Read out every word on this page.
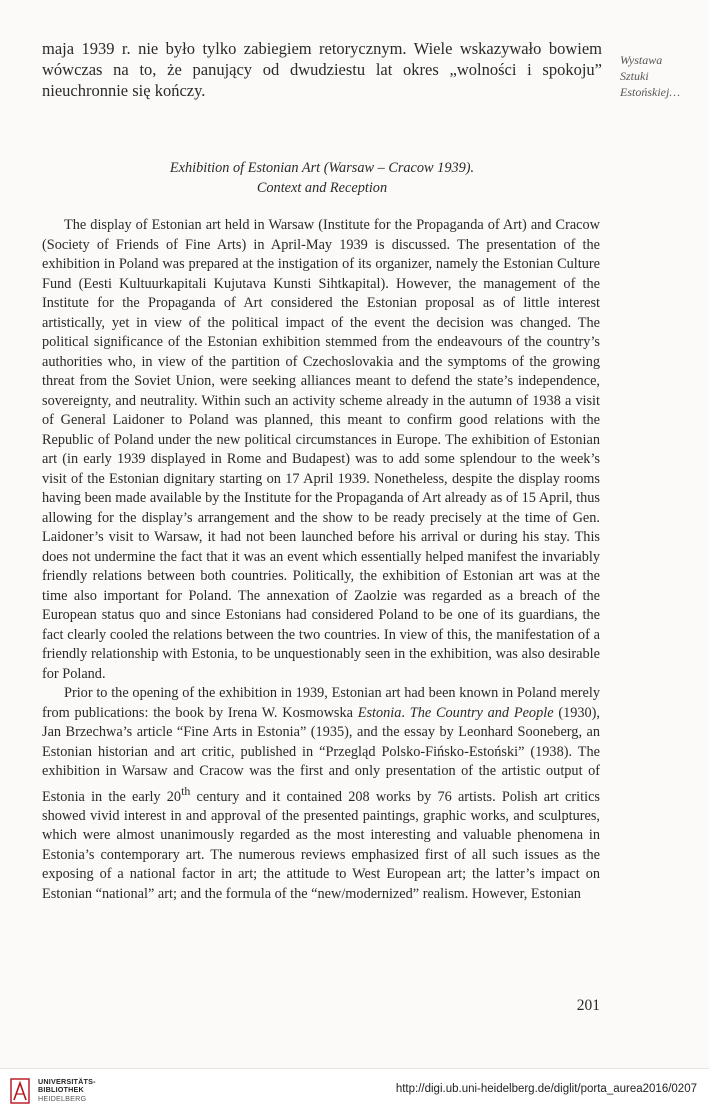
maja 1939 r. nie było tylko zabiegiem retorycznym. Wiele wskazywało bowiem wówczas na to, że panujący od dwudziestu lat okres „wolności i spokoju” nieuchronnie się kończy.

Wystawa
Sztuki
Estońskiej…
Exhibition of Estonian Art (Warsaw – Cracow 1939).
Context and Reception

The display of Estonian art held in Warsaw (Institute for the Propaganda of Art) and Cracow (Society of Friends of Fine Arts) in April-May 1939 is discussed. The presentation of the exhibition in Poland was prepared at the instigation of its organizer, namely the Estonian Culture Fund (Eesti Kultuurkapitali Kujutava Kunsti Sihtkapital). However, the management of the Institute for the Propaganda of Art considered the Estonian proposal as of little interest artistically, yet in view of the political impact of the event the decision was changed. The political significance of the Estonian exhibition stemmed from the endeavours of the country’s authorities who, in view of the partition of Czechoslovakia and the symptoms of the growing threat from the Soviet Union, were seeking alliances meant to defend the state’s independence, sovereignty, and neutrality. Within such an activity scheme already in the autumn of 1938 a visit of General Laidoner to Poland was planned, this meant to confirm good relations with the Republic of Poland under the new political circumstances in Europe. The exhibition of Estonian art (in early 1939 displayed in Rome and Budapest) was to add some splendour to the week’s visit of the Estonian dignitary starting on 17 April 1939. Nonetheless, despite the display rooms having been made available by the Institute for the Propaganda of Art already as of 15 April, thus allowing for the display’s arrangement and the show to be ready precisely at the time of Gen. Laidoner’s visit to Warsaw, it had not been launched before his arrival or during his stay. This does not undermine the fact that it was an event which essentially helped manifest the invariably friendly relations between both countries. Politically, the exhibition of Estonian art was at the time also important for Poland. The annexation of Zaolzie was regarded as a breach of the European status quo and since Estonians had considered Poland to be one of its guardians, the fact clearly cooled the relations between the two countries. In view of this, the manifestation of a friendly relationship with Estonia, to be unquestionably seen in the exhibition, was also desirable for Poland.

Prior to the opening of the exhibition in 1939, Estonian art had been known in Poland merely from publications: the book by Irena W. Kosmowska Estonia. The Country and People (1930), Jan Brzechwa’s article “Fine Arts in Estonia” (1935), and the essay by Leonhard Sooneberg, an Estonian historian and art critic, published in “Przegląd Polsko-Fińsko-Estoński” (1938). The exhibition in Warsaw and Cracow was the first and only presentation of the artistic output of Estonia in the early 20th century and it contained 208 works by 76 artists. Polish art critics showed vivid interest in and approval of the presented paintings, graphic works, and sculptures, which were almost unanimously regarded as the most interesting and valuable phenomena in Estonia’s contemporary art. The numerous reviews emphasized first of all such issues as the exposing of a national factor in art; the attitude to West European art; the latter’s impact on Estonian “national” art; and the formula of the “new/modernized” realism. However, Estonian

201
UNIVERSITÄTS-
BIBLIOTHEK
HEIDELBERG
http://digi.ub.uni-heidelberg.de/diglit/porta_aurea2016/0207
